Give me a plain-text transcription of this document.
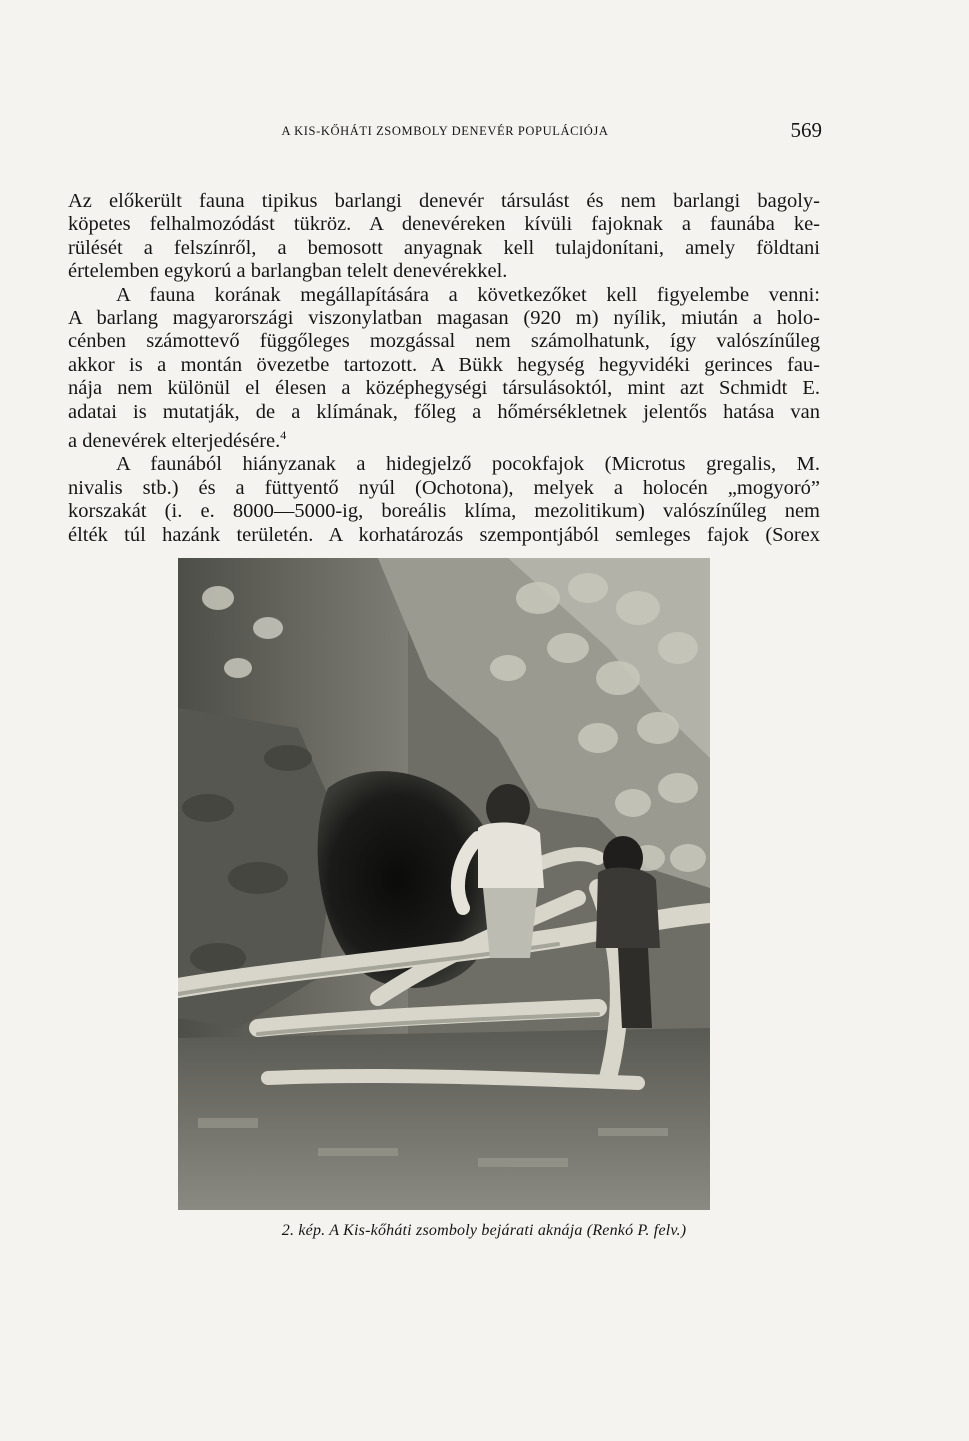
A KIS-KŐHÁTI ZSOMBOLY DENEVÉR POPULÁCIÓJA	569

Az előkerült fauna tipikus barlangi denevér társulást és nem barlangi bagoly-

köpetes felhalmozódást tükröz. A denevéreken kívüli fajoknak a faunába ke-

rülését a felszínről, a bemosott anyagnak kell tulajdonítani, amely földtani

értelemben egykorú a barlangban telelt denevérekkel.

A fauna korának megállapítására a következőket kell figyelembe venni:

A barlang magyarországi viszonylatban magasan (920 m) nyílik, miután a holo-

cénben számottevő függőleges mozgással nem számolhatunk, így valószínűleg

akkor is a montán övezetbe tartozott. A Bükk hegység hegyvidéki gerinces fau-

nája nem különül el élesen a középhegységi társulásoktól, mint azt Schmidt E.

adatai is mutatják, de a klímának, főleg a hőmérsékletnek jelentős hatása van

a denevérek elterjedésére.$^4$

A faunából hiányzanak a hidegjelző pocokfajok (Microtus gregalis, M.

nivalis stb.) és a füttyentő nyúl (Ochotona), melyek a holocén „mogyoró”

korszakát (i. e. 8000—5000-ig, boreális klíma, mezolitikum) valószínűleg nem

élték túl hazánk területén. A korhatározás szempontjából semleges fajok (Sorex

2. kép. A Kis-kőháti zsomboly bejárati aknája (Renkó P. felv.)
